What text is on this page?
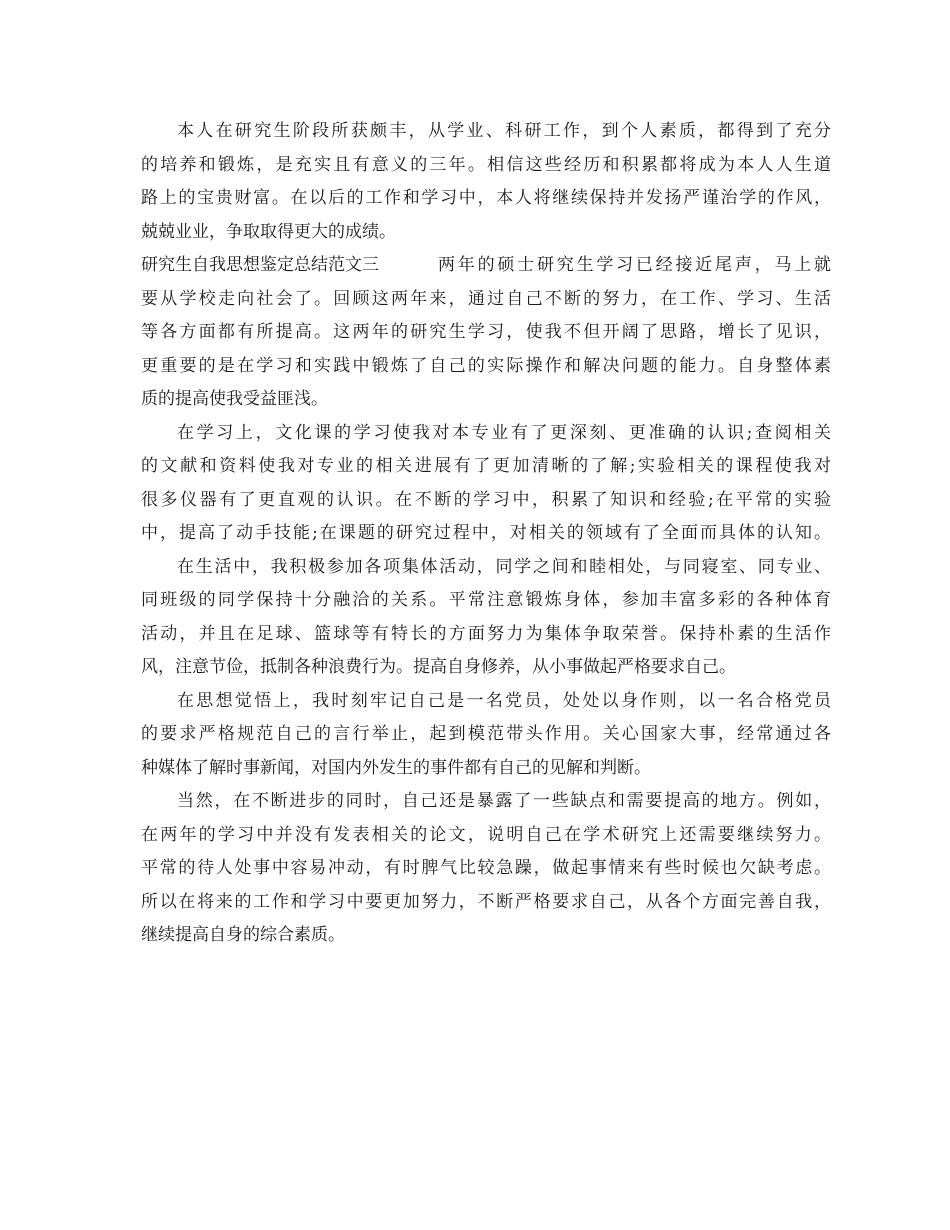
本人在研究生阶段所获颇丰，从学业、科研工作，到个人素质，都得到了充分
的培养和锻炼，是充实且有意义的三年。相信这些经历和积累都将成为本人人生道
路上的宝贵财富。在以后的工作和学习中，本人将继续保持并发扬严谨治学的作风，
兢兢业业，争取取得更大的成绩。
研究生自我思想鉴定总结范文三	两年的硕士研究生学习已经接近尾声，马上就
要从学校走向社会了。回顾这两年来，通过自己不断的努力，在工作、学习、生活
等各方面都有所提高。这两年的研究生学习，使我不但开阔了思路，增长了见识，
更重要的是在学习和实践中锻炼了自己的实际操作和解决问题的能力。自身整体素
质的提高使我受益匪浅。
在学习上，文化课的学习使我对本专业有了更深刻、更准确的认识;查阅相关
的文献和资料使我对专业的相关进展有了更加清晰的了解;实验相关的课程使我对
很多仪器有了更直观的认识。在不断的学习中，积累了知识和经验;在平常的实验
中，提高了动手技能;在课题的研究过程中，对相关的领域有了全面而具体的认知。
在生活中，我积极参加各项集体活动，同学之间和睦相处，与同寝室、同专业、
同班级的同学保持十分融洽的关系。平常注意锻炼身体，参加丰富多彩的各种体育
活动，并且在足球、篮球等有特长的方面努力为集体争取荣誉。保持朴素的生活作
风，注意节俭，抵制各种浪费行为。提高自身修养，从小事做起严格要求自己。
在思想觉悟上，我时刻牢记自己是一名党员，处处以身作则，以一名合格党员
的要求严格规范自己的言行举止，起到模范带头作用。关心国家大事，经常通过各
种媒体了解时事新闻，对国内外发生的事件都有自己的见解和判断。
当然，在不断进步的同时，自己还是暴露了一些缺点和需要提高的地方。例如，
在两年的学习中并没有发表相关的论文，说明自己在学术研究上还需要继续努力。
平常的待人处事中容易冲动，有时脾气比较急躁，做起事情来有些时候也欠缺考虑。
所以在将来的工作和学习中要更加努力，不断严格要求自己，从各个方面完善自我，
继续提高自身的综合素质。
